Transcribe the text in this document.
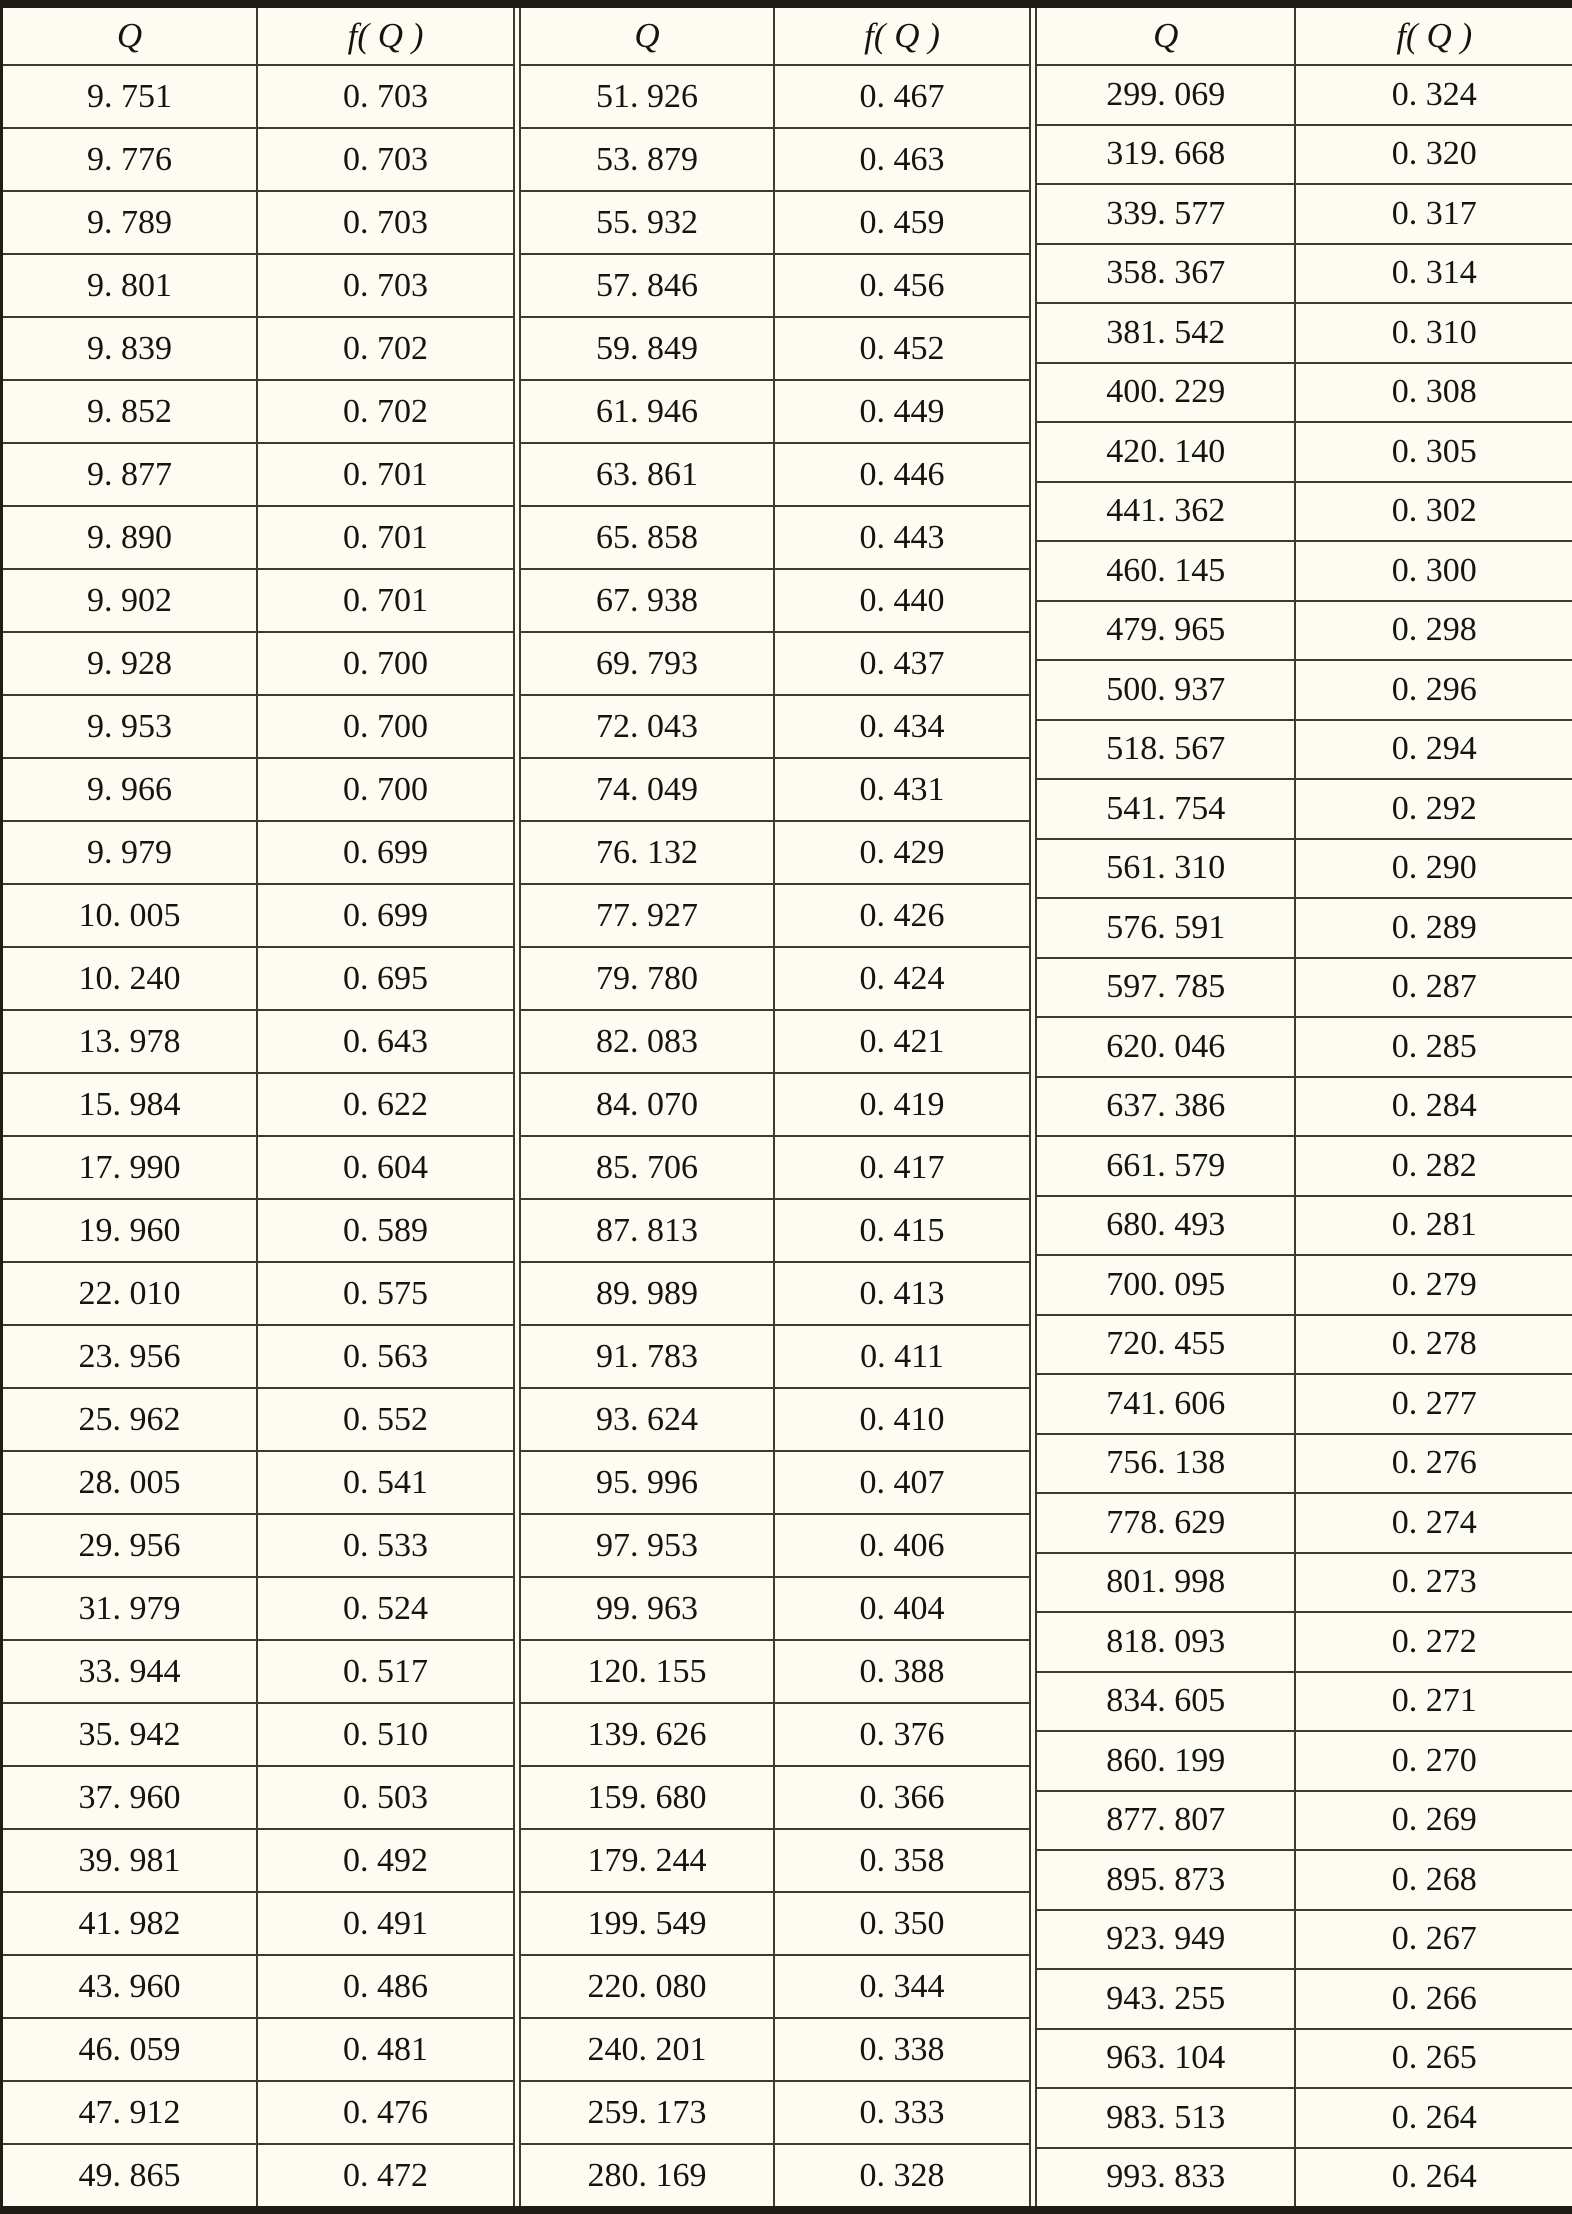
Q	f( Q )
9. 751	0. 703
9. 776	0. 703
9. 789	0. 703
9. 801	0. 703
9. 839	0. 702
9. 852	0. 702
9. 877	0. 701
9. 890	0. 701
9. 902	0. 701
9. 928	0. 700
9. 953	0. 700
9. 966	0. 700
9. 979	0. 699
10. 005	0. 699
10. 240	0. 695
13. 978	0. 643
15. 984	0. 622
17. 990	0. 604
19. 960	0. 589
22. 010	0. 575
23. 956	0. 563
25. 962	0. 552
28. 005	0. 541
29. 956	0. 533
31. 979	0. 524
33. 944	0. 517
35. 942	0. 510
37. 960	0. 503
39. 981	0. 492
41. 982	0. 491
43. 960	0. 486
46. 059	0. 481
47. 912	0. 476
49. 865	0. 472
Q	f( Q )
51. 926	0. 467
53. 879	0. 463
55. 932	0. 459
57. 846	0. 456
59. 849	0. 452
61. 946	0. 449
63. 861	0. 446
65. 858	0. 443
67. 938	0. 440
69. 793	0. 437
72. 043	0. 434
74. 049	0. 431
76. 132	0. 429
77. 927	0. 426
79. 780	0. 424
82. 083	0. 421
84. 070	0. 419
85. 706	0. 417
87. 813	0. 415
89. 989	0. 413
91. 783	0. 411
93. 624	0. 410
95. 996	0. 407
97. 953	0. 406
99. 963	0. 404
120. 155	0. 388
139. 626	0. 376
159. 680	0. 366
179. 244	0. 358
199. 549	0. 350
220. 080	0. 344
240. 201	0. 338
259. 173	0. 333
280. 169	0. 328
Q	f( Q )
299. 069	0. 324
319. 668	0. 320
339. 577	0. 317
358. 367	0. 314
381. 542	0. 310
400. 229	0. 308
420. 140	0. 305
441. 362	0. 302
460. 145	0. 300
479. 965	0. 298
500. 937	0. 296
518. 567	0. 294
541. 754	0. 292
561. 310	0. 290
576. 591	0. 289
597. 785	0. 287
620. 046	0. 285
637. 386	0. 284
661. 579	0. 282
680. 493	0. 281
700. 095	0. 279
720. 455	0. 278
741. 606	0. 277
756. 138	0. 276
778. 629	0. 274
801. 998	0. 273
818. 093	0. 272
834. 605	0. 271
860. 199	0. 270
877. 807	0. 269
895. 873	0. 268
923. 949	0. 267
943. 255	0. 266
963. 104	0. 265
983. 513	0. 264
993. 833	0. 264
